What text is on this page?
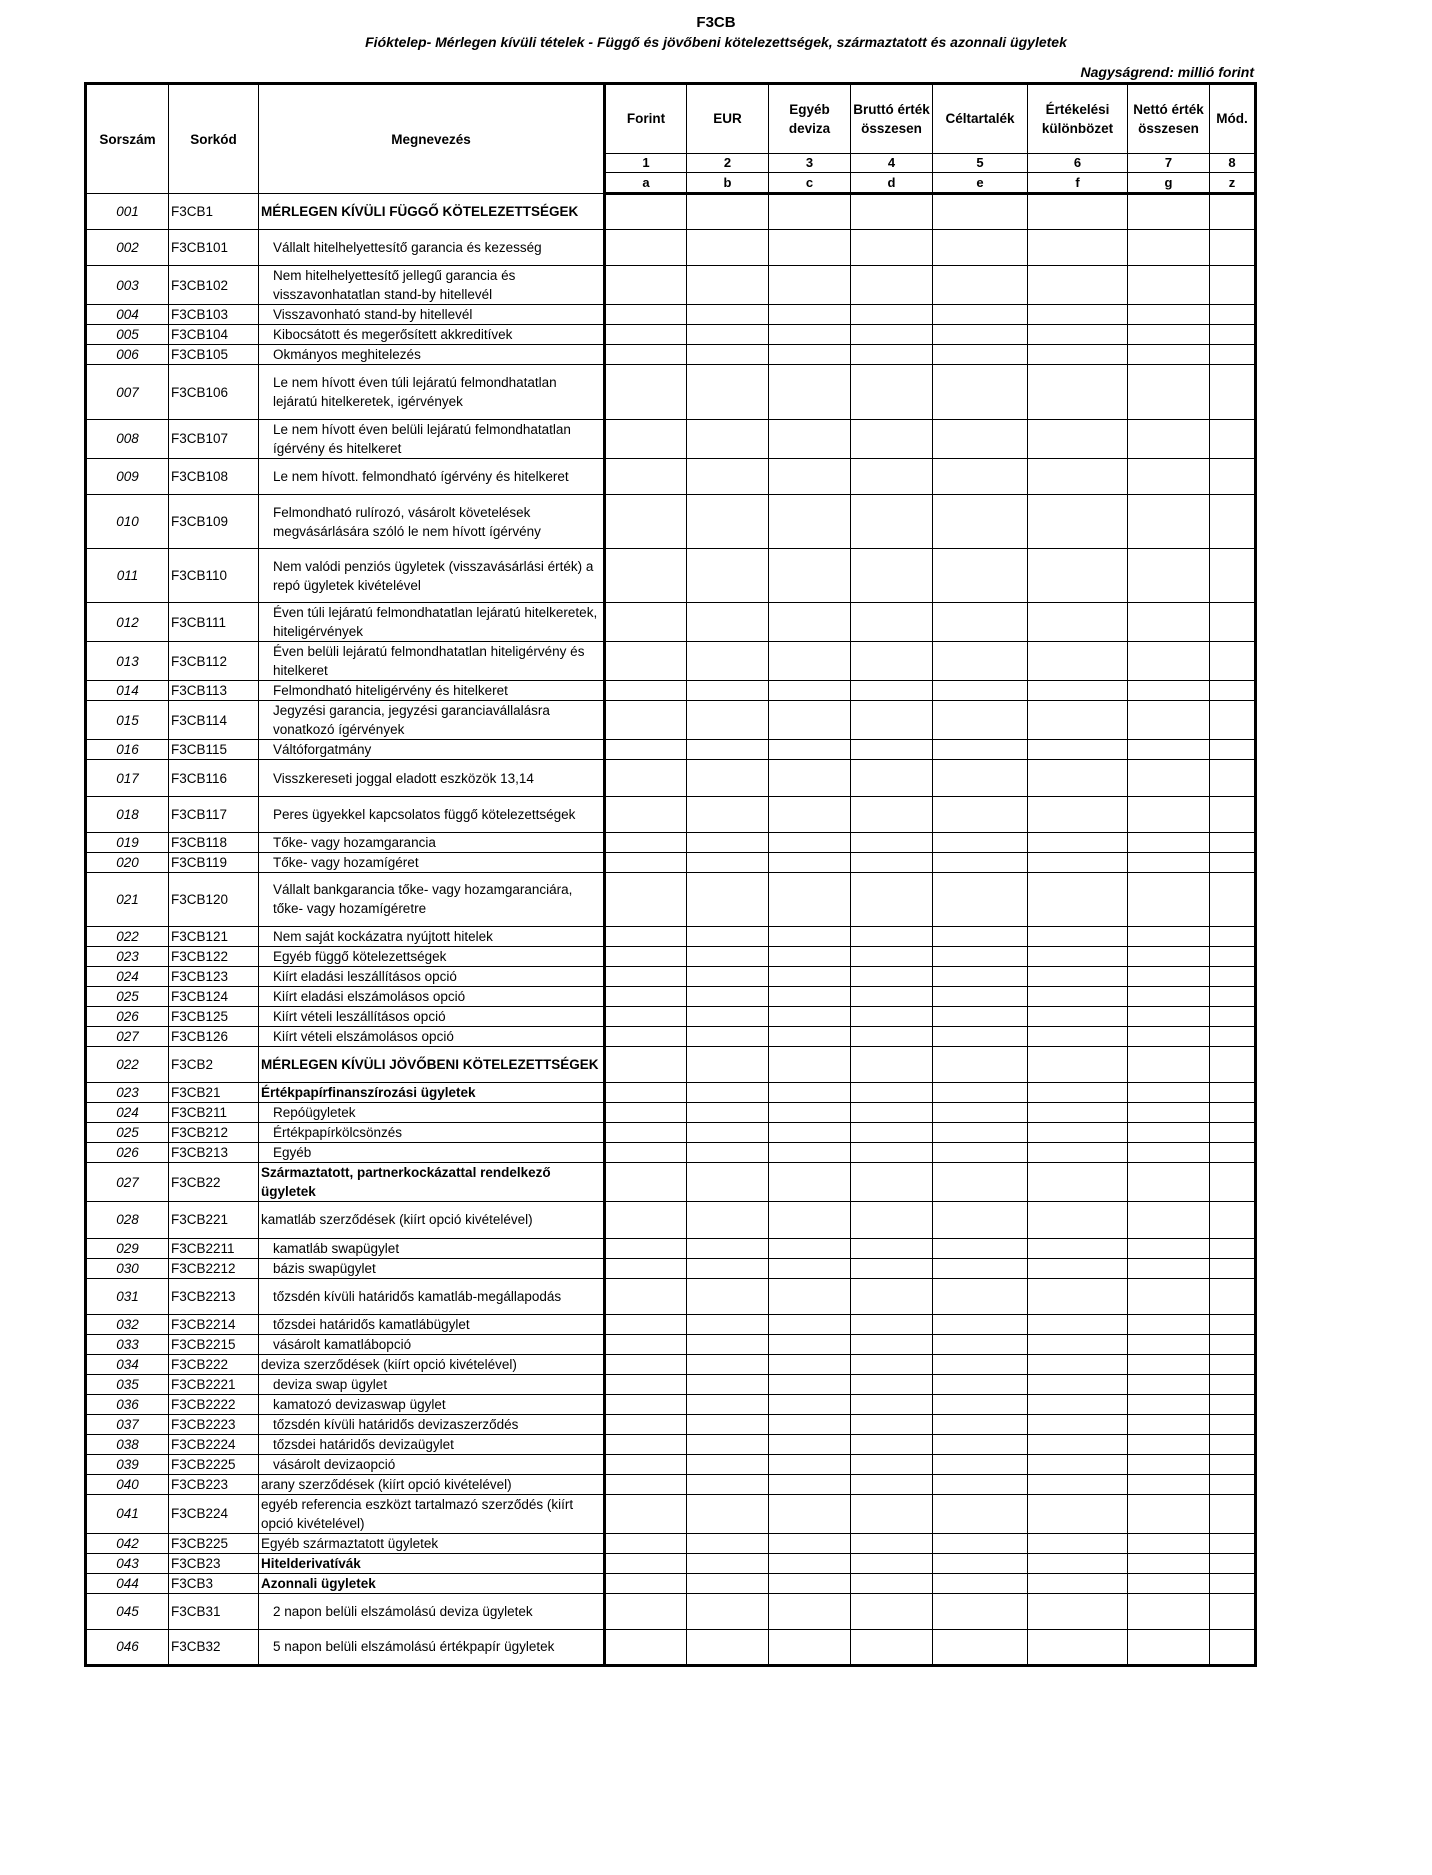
F3CB
Fióktelep- Mérlegen kívüli tételek - Függő és jövőbeni kötelezettségek, származtatott és azonnali ügyletek
Nagyságrend: millió forint
Sorszám	Sorkód	Megnevezés	Forint	EUR	Egyéb deviza	Bruttó érték összesen	Céltartalék	Értékelési különbözet	Nettó érték összesen	Mód.
			1	2	3	4	5	6	7	8
			a	b	c	d	e	f	g	z
001	F3CB1	MÉRLEGEN KÍVÜLI FÜGGŐ KÖTELEZETTSÉGEK								
002	F3CB101	Vállalt hitelhelyettesítő garancia és kezesség								
003	F3CB102	Nem hitelhelyettesítő jellegű garancia és visszavonhatatlan stand-by hitellevél								
004	F3CB103	Visszavonható stand-by hitellevél								
005	F3CB104	Kibocsátott és megerősített akkreditívek								
006	F3CB105	Okmányos meghitelezés								
007	F3CB106	Le nem hívott éven túli lejáratú felmondhatatlan lejáratú hitelkeretek, igérvények								
008	F3CB107	Le nem hívott éven belüli lejáratú felmondhatatlan ígérvény és hitelkeret								
009	F3CB108	Le nem hívott. felmondható ígérvény és hitelkeret								
010	F3CB109	Felmondható rulírozó, vásárolt követelések megvásárlására szóló le nem hívott ígérvény								
011	F3CB110	Nem valódi penziós ügyletek (visszavásárlási érték) a repó ügyletek kivételével								
012	F3CB111	Éven túli lejáratú felmondhatatlan lejáratú hitelkeretek, hiteligérvények								
013	F3CB112	Éven belüli lejáratú felmondhatatlan hiteligérvény és hitelkeret								
014	F3CB113	Felmondható hiteligérvény és hitelkeret								
015	F3CB114	Jegyzési garancia, jegyzési garanciavállalásra vonatkozó ígérvények								
016	F3CB115	Váltóforgatmány								
017	F3CB116	Visszkereseti joggal eladott eszközök 13,14								
018	F3CB117	Peres ügyekkel kapcsolatos függő kötelezettségek								
019	F3CB118	Tőke- vagy hozamgarancia								
020	F3CB119	Tőke- vagy hozamígéret								
021	F3CB120	Vállalt bankgarancia tőke- vagy hozamgaranciára, tőke- vagy hozamígéretre								
022	F3CB121	Nem saját kockázatra nyújtott hitelek								
023	F3CB122	Egyéb függő kötelezettségek								
024	F3CB123	Kiírt eladási leszállításos opció								
025	F3CB124	Kiírt eladási elszámolásos opció								
026	F3CB125	Kiírt vételi leszállításos opció								
027	F3CB126	Kiírt vételi elszámolásos opció								
022	F3CB2	MÉRLEGEN KÍVÜLI JÖVŐBENI KÖTELEZETTSÉGEK								
023	F3CB21	Értékpapírfinanszírozási ügyletek								
024	F3CB211	Repóügyletek								
025	F3CB212	Értékpapírkölcsönzés								
026	F3CB213	Egyéb								
027	F3CB22	Származtatott, partnerkockázattal rendelkező ügyletek								
028	F3CB221	kamatláb szerződések (kiírt opció kivételével)								
029	F3CB2211	kamatláb swapügylet								
030	F3CB2212	bázis swapügylet								
031	F3CB2213	tőzsdén kívüli határidős kamatláb-megállapodás								
032	F3CB2214	tőzsdei határidős kamatlábügylet								
033	F3CB2215	vásárolt kamatlábopció								
034	F3CB222	deviza szerződések (kiírt opció kivételével)								
035	F3CB2221	deviza swap ügylet								
036	F3CB2222	kamatozó devizaswap ügylet								
037	F3CB2223	tőzsdén kívüli határidős devizaszerződés								
038	F3CB2224	tőzsdei határidős devizaügylet								
039	F3CB2225	vásárolt devizaopció								
040	F3CB223	arany szerződések (kiírt opció kivételével)								
041	F3CB224	egyéb referencia eszközt tartalmazó szerződés (kiírt opció kivételével)								
042	F3CB225	Egyéb származtatott ügyletek								
043	F3CB23	Hitelderivatívák								
044	F3CB3	Azonnali ügyletek								
045	F3CB31	2 napon belüli elszámolású deviza ügyletek								
046	F3CB32	5 napon belüli elszámolású értékpapír ügyletek								
